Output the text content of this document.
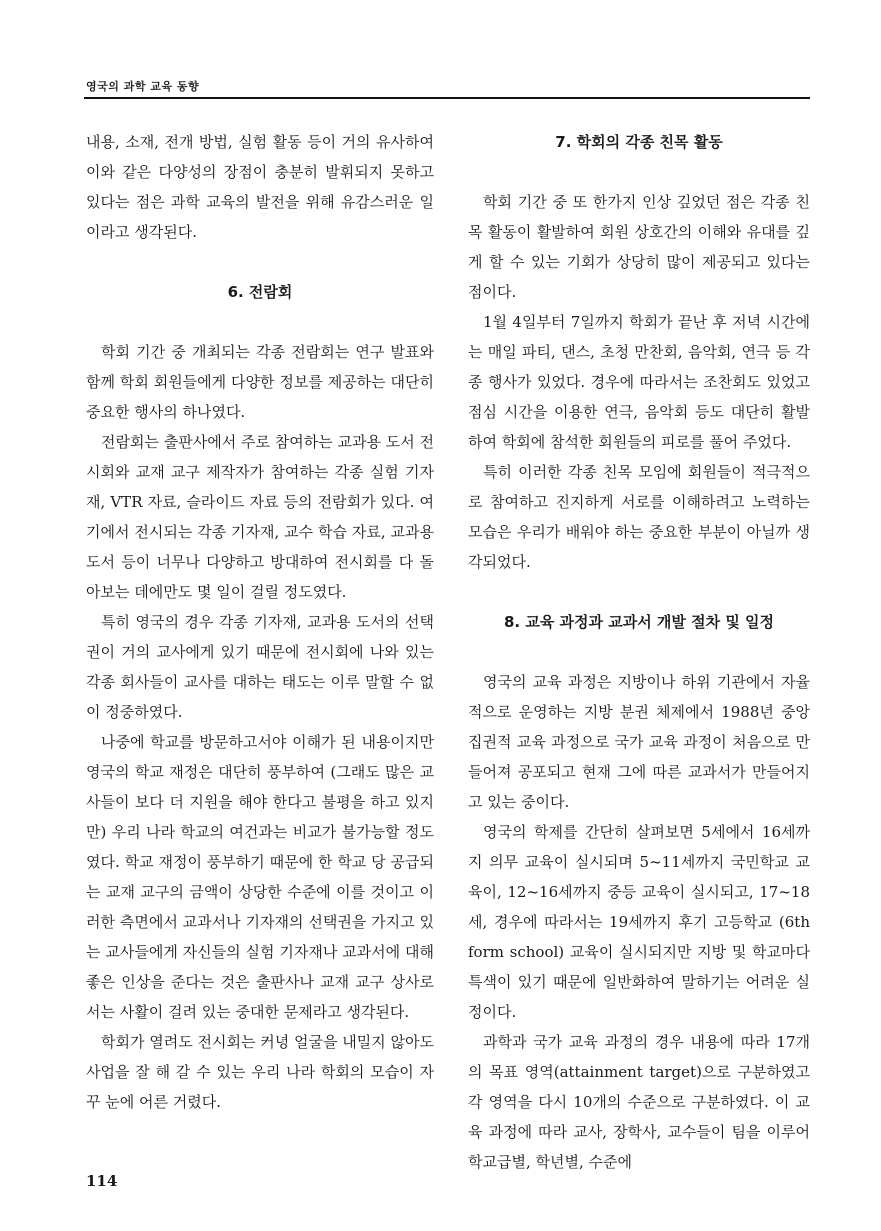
영국의 과학 교육 동향

내용, 소재, 전개 방법, 실험 활동 등이 거의 유사하여 이와 같은 다양성의 장점이 충분히 발휘되지 못하고 있다는 점은 과학 교육의 발전을 위해 유감스러운 일이라고 생각된다.

6. 전람회

학회 기간 중 개최되는 각종 전람회는 연구 발표와 함께 학회 회원들에게 다양한 정보를 제공하는 대단히 중요한 행사의 하나였다.

전람회는 출판사에서 주로 참여하는 교과용 도서 전시회와 교재 교구 제작자가 참여하는 각종 실험 기자재, VTR 자료, 슬라이드 자료 등의 전람회가 있다. 여기에서 전시되는 각종 기자재, 교수 학습 자료, 교과용 도서 등이 너무나 다양하고 방대하여 전시회를 다 돌아보는 데에만도 몇 일이 걸릴 정도였다.

특히 영국의 경우 각종 기자재, 교과용 도서의 선택권이 거의 교사에게 있기 때문에 전시회에 나와 있는 각종 회사들이 교사를 대하는 태도는 이루 말할 수 없이 정중하였다.

나중에 학교를 방문하고서야 이해가 된 내용이지만 영국의 학교 재정은 대단히 풍부하여 (그래도 많은 교사들이 보다 더 지원을 해야 한다고 불평을 하고 있지만) 우리 나라 학교의 여건과는 비교가 불가능할 정도 였다. 학교 재정이 풍부하기 때문에 한 학교 당 공급되는 교재 교구의 금액이 상당한 수준에 이를 것이고 이러한 측면에서 교과서나 기자재의 선택권을 가지고 있는 교사들에게 자신들의 실험 기자재나 교과서에 대해 좋은 인상을 준다는 것은 출판사나 교재 교구 상사로서는 사활이 걸려 있는 중대한 문제라고 생각된다.

학회가 열려도 전시회는 커녕 얼굴을 내밀지 않아도 사업을 잘 해 갈 수 있는 우리 나라 학회의 모습이 자꾸 눈에 어른 거렸다.

7. 학회의 각종 친목 활동

학회 기간 중 또 한가지 인상 깊었던 점은 각종 친목 활동이 활발하여 회원 상호간의 이해와 유대를 깊게 할 수 있는 기회가 상당히 많이 제공되고 있다는 점이다.

1월 4일부터 7일까지 학회가 끝난 후 저녁 시간에는 매일 파티, 댄스, 초청 만찬회, 음악회, 연극 등 각종 행사가 있었다. 경우에 따라서는 조찬회도 있었고 점심 시간을 이용한 연극, 음악회 등도 대단히 활발하여 학회에 참석한 회원들의 피로를 풀어 주었다.

특히 이러한 각종 친목 모임에 회원들이 적극적으로 참여하고 진지하게 서로를 이해하려고 노력하는 모습은 우리가 배워야 하는 중요한 부분이 아닐까 생각되었다.

8. 교육 과정과 교과서 개발 절차 및 일정

영국의 교육 과정은 지방이나 하위 기관에서 자율적으로 운영하는 지방 분권 체제에서 1988년 중앙 집권적 교육 과정으로 국가 교육 과정이 처음으로 만들어져 공포되고 현재 그에 따른 교과서가 만들어지고 있는 중이다.

영국의 학제를 간단히 살펴보면 5세에서 16세까지 의무 교육이 실시되며 5~11세까지 국민학교 교육이, 12~16세까지 중등 교육이 실시되고, 17~18세, 경우에 따라서는 19세까지 후기 고등학교 (6th form school) 교육이 실시되지만 지방 및 학교마다 특색이 있기 때문에 일반화하여 말하기는 어려운 실정이다.

과학과 국가 교육 과정의 경우 내용에 따라 17개의 목표 영역(attainment target)으로 구분하였고 각 영역을 다시 10개의 수준으로 구분하였다. 이 교육 과정에 따라 교사, 장학사, 교수들이 팀을 이루어 학교급별, 학년별, 수준에

114
